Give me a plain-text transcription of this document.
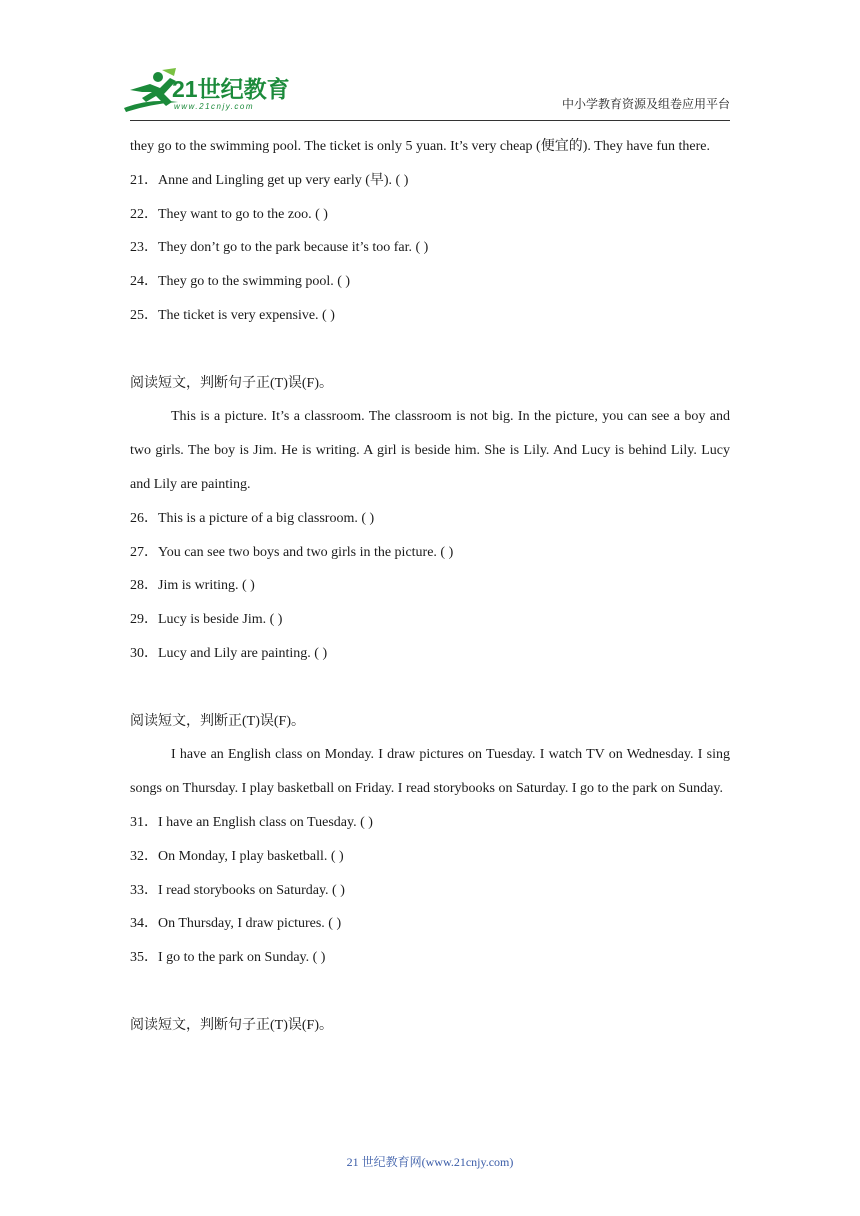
21世纪教育
www.21cnjy.com	中小学教育资源及组卷应用平台

they go to the swimming pool. The ticket is only 5 yuan. It’s very cheap (便宜的). They have fun there.

21．Anne and Lingling get up very early (早). ( )

22．They want to go to the zoo. ( )

23．They don’t go to the park because it’s too far. ( )

24．They go to the swimming pool. ( )

25．The ticket is very expensive. ( )

阅读短文，判断句子正(T)误(F)。

This is a picture. It’s a classroom. The classroom is not big. In the picture, you can see a boy and two girls. The boy is Jim. He is writing. A girl is beside him. She is Lily. And Lucy is behind Lily. Lucy and Lily are painting.

26．This is a picture of a big classroom. ( )

27．You can see two boys and two girls in the picture. ( )

28．Jim is writing. ( )

29．Lucy is beside Jim. ( )

30．Lucy and Lily are painting. ( )

阅读短文，判断正(T)误(F)。

I have an English class on Monday. I draw pictures on Tuesday. I watch TV on Wednesday. I sing songs on Thursday. I play basketball on Friday. I read storybooks on Saturday. I go to the park on Sunday.

31．I have an English class on Tuesday. ( )

32．On Monday, I play basketball. ( )

33．I read storybooks on Saturday. ( )

34．On Thursday, I draw pictures. ( )

35．I go to the park on Sunday. ( )

阅读短文，判断句子正(T)误(F)。

21 世纪教育网(www.21cnjy.com)
